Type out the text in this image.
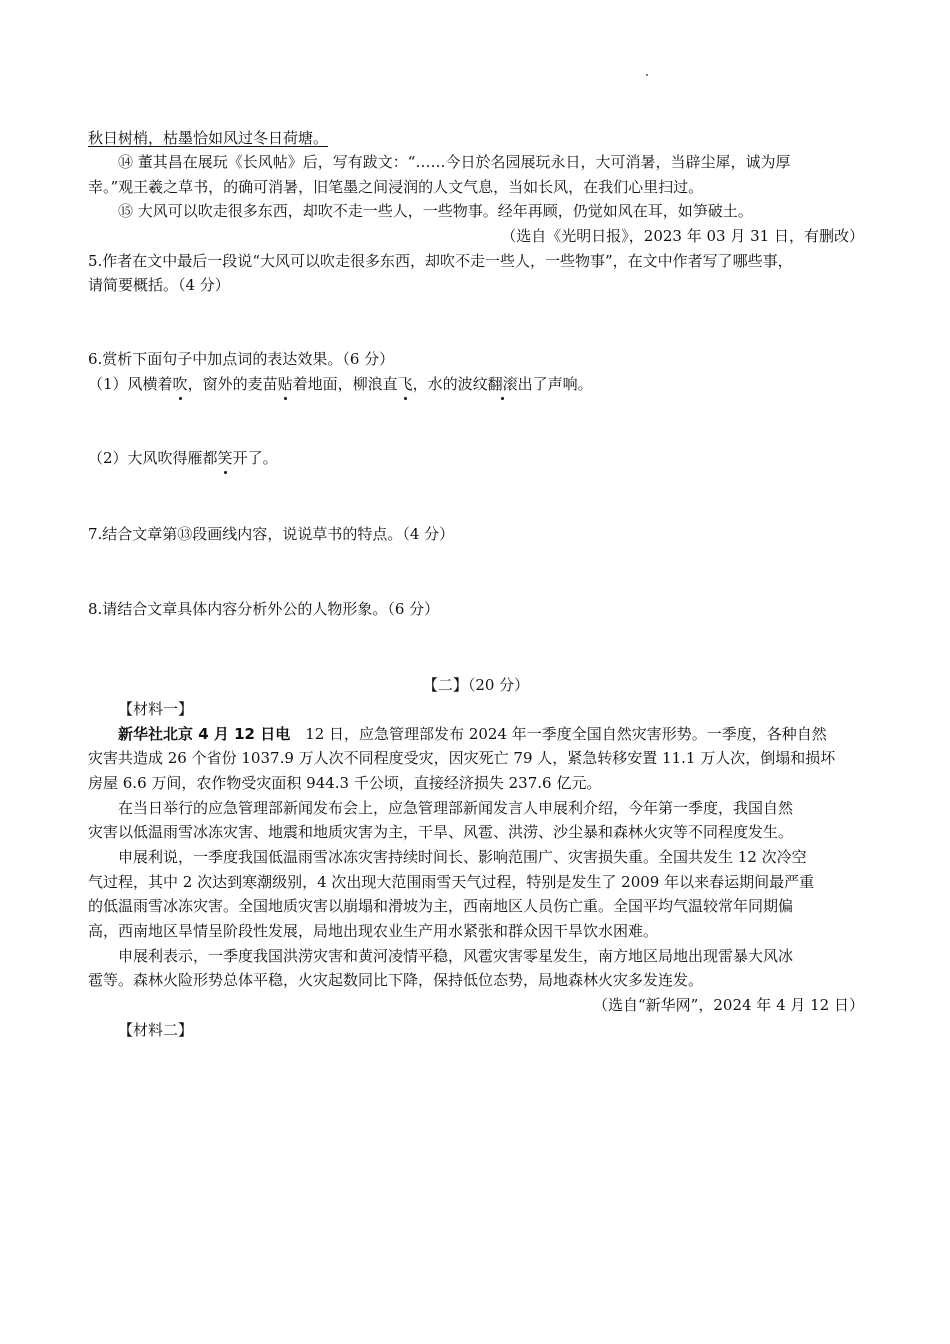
秋日树梢，枯墨恰如风过冬日荷塘。
⑭ 董其昌在展玩《长风帖》后，写有跋文：“……今日於名园展玩永日，大可消暑，当辟尘犀，诚为厚
幸。”观王羲之草书，的确可消暑，旧笔墨之间浸润的人文气息，当如长风，在我们心里扫过。
⑮ 大风可以吹走很多东西，却吹不走一些人，一些物事。经年再顾，仍觉如风在耳，如笋破土。
（选自《光明日报》，2023 年 03 月 31 日，有删改）
5.作者在文中最后一段说“大风可以吹走很多东西，却吹不走一些人，一些物事”，在文中作者写了哪些事，
请简要概括。（4 分）
6.赏析下面句子中加点词的表达效果。（6 分）
（1）风横着吹，窗外的麦苗贴着地面，柳浪直飞，水的波纹翻滚出了声响。
（2）大风吹得雁都笑开了。
7.结合文章第⑬段画线内容，说说草书的特点。（4 分）
8.请结合文章具体内容分析外公的人物形象。（6 分）
【二】（20 分）
【材料一】
新华社北京 4 月 12 日电　12 日，应急管理部发布 2024 年一季度全国自然灾害形势。一季度，各种自然
灾害共造成 26 个省份 1037.9 万人次不同程度受灾，因灾死亡 79 人，紧急转移安置 11.1 万人次，倒塌和损坏
房屋 6.6 万间，农作物受灾面积 944.3 千公顷，直接经济损失 237.6 亿元。
在当日举行的应急管理部新闻发布会上，应急管理部新闻发言人申展利介绍，今年第一季度，我国自然
灾害以低温雨雪冰冻灾害、地震和地质灾害为主，干旱、风雹、洪涝、沙尘暴和森林火灾等不同程度发生。
申展利说，一季度我国低温雨雪冰冻灾害持续时间长、影响范围广、灾害损失重。全国共发生 12 次冷空
气过程，其中 2 次达到寒潮级别，4 次出现大范围雨雪天气过程，特别是发生了 2009 年以来春运期间最严重
的低温雨雪冰冻灾害。全国地质灾害以崩塌和滑坡为主，西南地区人员伤亡重。全国平均气温较常年同期偏
高，西南地区旱情呈阶段性发展，局地出现农业生产用水紧张和群众因干旱饮水困难。
申展利表示，一季度我国洪涝灾害和黄河凌情平稳，风雹灾害零星发生，南方地区局地出现雷暴大风冰
雹等。森林火险形势总体平稳，火灾起数同比下降，保持低位态势，局地森林火灾多发连发。
（选自“新华网”，2024 年 4 月 12 日）
【材料二】
